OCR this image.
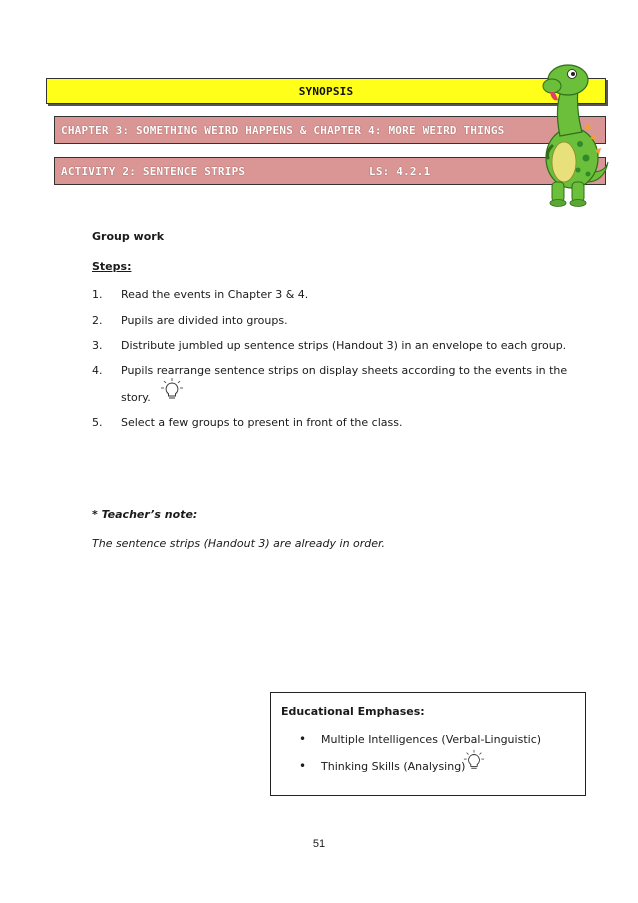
SYNOPSIS
CHAPTER 3: SOMETHING WEIRD HAPPENS & CHAPTER 4: MORE WEIRD THINGS
ACTIVITY 2: SENTENCE STRIPS	LS: 4.2.1
Group work
Steps:
1. Read the events in Chapter 3 & 4.
2. Pupils are divided into groups.
3. Distribute jumbled up sentence strips (Handout 3) in an envelope to each group.
4. Pupils rearrange sentence strips on display sheets according to the events in the
story.
5. Select a few groups to present in front of the class.
* Teacher’s note:
The sentence strips (Handout 3) are already in order.
Educational Emphases:
• Multiple Intelligences (Verbal-Linguistic)
• Thinking Skills (Analysing)
51
